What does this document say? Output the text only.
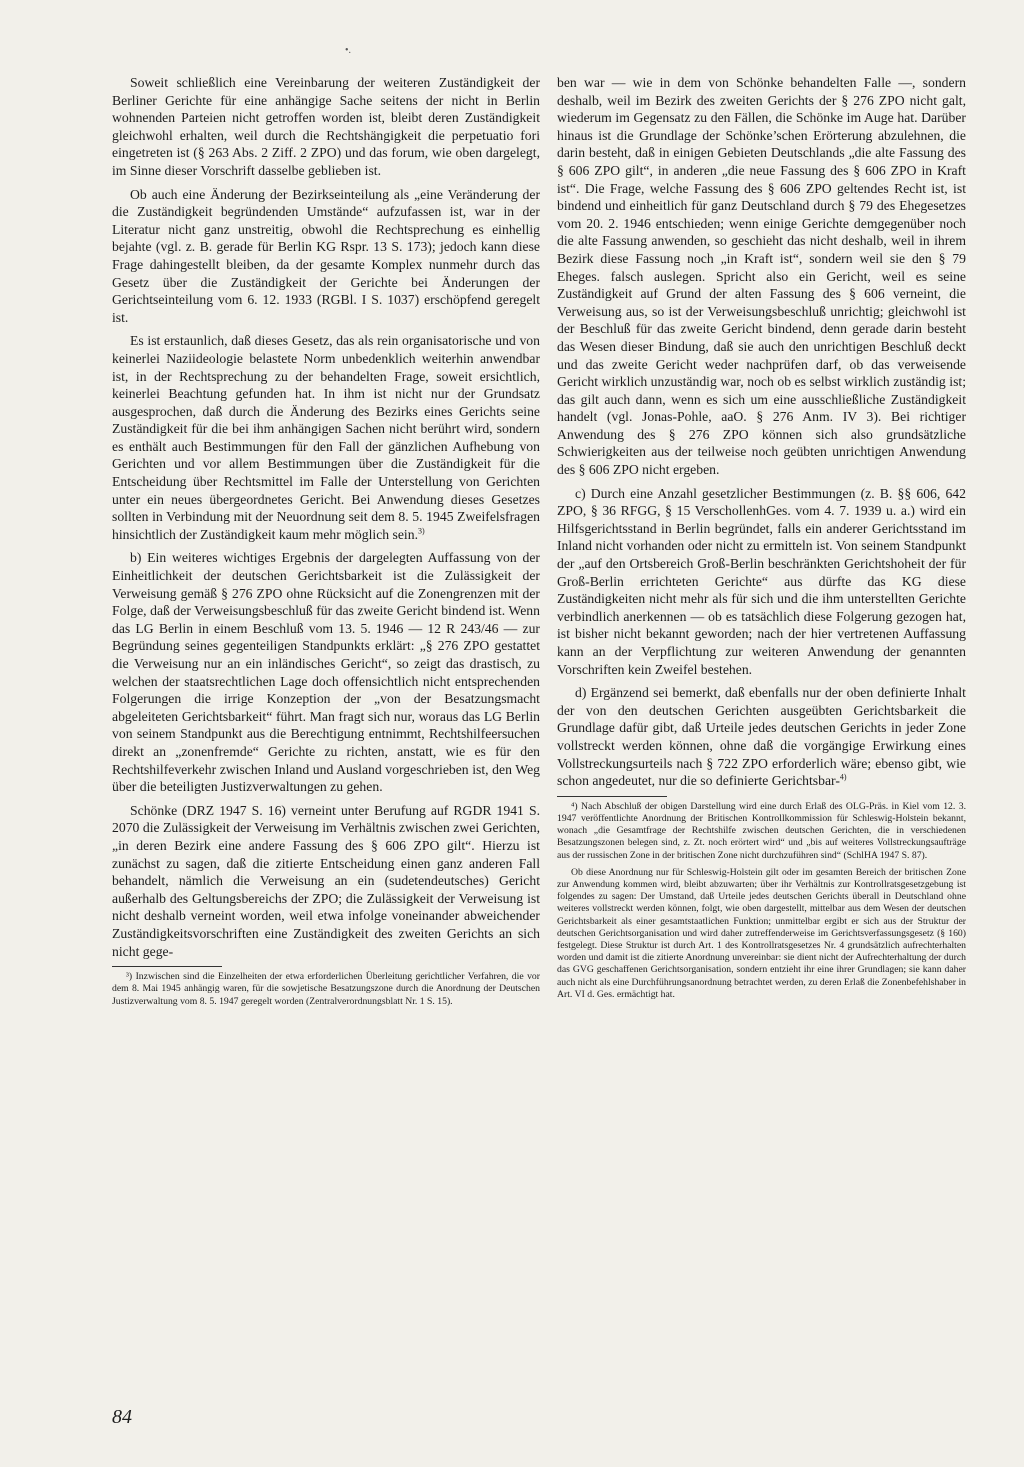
•.

Soweit schließlich eine Vereinbarung der weiteren Zuständigkeit der Berliner Gerichte für eine anhängige Sache seitens der nicht in Berlin wohnenden Parteien nicht getroffen worden ist, bleibt deren Zuständigkeit gleichwohl erhalten, weil durch die Rechtshängigkeit die perpetuatio fori eingetreten ist (§ 263 Abs. 2 Ziff. 2 ZPO) und das forum, wie oben dargelegt, im Sinne dieser Vorschrift dasselbe geblieben ist.

Ob auch eine Änderung der Bezirkseinteilung als „eine Veränderung der die Zuständigkeit begründenden Umstände“ aufzufassen ist, war in der Literatur nicht ganz unstreitig, obwohl die Rechtsprechung es einhellig bejahte (vgl. z. B. gerade für Berlin KG Rspr. 13 S. 173); jedoch kann diese Frage dahingestellt bleiben, da der gesamte Komplex nunmehr durch das Gesetz über die Zuständigkeit der Gerichte bei Änderungen der Gerichtseinteilung vom 6. 12. 1933 (RGBl. I S. 1037) erschöpfend geregelt ist.

Es ist erstaunlich, daß dieses Gesetz, das als rein organisatorische und von keinerlei Naziideologie belastete Norm unbedenklich weiterhin anwendbar ist, in der Rechtsprechung zu der behandelten Frage, soweit ersichtlich, keinerlei Beachtung gefunden hat. In ihm ist nicht nur der Grundsatz ausgesprochen, daß durch die Änderung des Bezirks eines Gerichts seine Zuständigkeit für die bei ihm anhängigen Sachen nicht berührt wird, sondern es enthält auch Bestimmungen für den Fall der gänzlichen Aufhebung von Gerichten und vor allem Bestimmungen über die Zuständigkeit für die Entscheidung über Rechtsmittel im Falle der Unterstellung von Gerichten unter ein neues übergeordnetes Gericht. Bei Anwendung dieses Gesetzes sollten in Verbindung mit der Neuordnung seit dem 8. 5. 1945 Zweifelsfragen hinsichtlich der Zuständigkeit kaum mehr möglich sein.$^{3)}$

b) Ein weiteres wichtiges Ergebnis der dargelegten Auffassung von der Einheitlichkeit der deutschen Gerichtsbarkeit ist die Zulässigkeit der Verweisung gemäß § 276 ZPO ohne Rücksicht auf die Zonengrenzen mit der Folge, daß der Verweisungsbeschluß für das zweite Gericht bindend ist. Wenn das LG Berlin in einem Beschluß vom 13. 5. 1946 — 12 R 243/46 — zur Begründung seines gegenteiligen Standpunkts erklärt: „§ 276 ZPO gestattet die Verweisung nur an ein inländisches Gericht“, so zeigt das drastisch, zu welchen der staatsrechtlichen Lage doch offensichtlich nicht entsprechenden Folgerungen die irrige Konzeption der „von der Besatzungsmacht abgeleiteten Gerichtsbarkeit“ führt. Man fragt sich nur, woraus das LG Berlin von seinem Standpunkt aus die Berechtigung entnimmt, Rechtshilfeersuchen direkt an „zonenfremde“ Gerichte zu richten, anstatt, wie es für den Rechtshilfeverkehr zwischen Inland und Ausland vorgeschrieben ist, den Weg über die beteiligten Justizverwaltungen zu gehen.

Schönke (DRZ 1947 S. 16) verneint unter Berufung auf RGDR 1941 S. 2070 die Zulässigkeit der Verweisung im Verhältnis zwischen zwei Gerichten, „in deren Bezirk eine andere Fassung des § 606 ZPO gilt“. Hierzu ist zunächst zu sagen, daß die zitierte Entscheidung einen ganz anderen Fall behandelt, nämlich die Verweisung an ein (sudetendeutsches) Gericht außerhalb des Geltungsbereichs der ZPO; die Zulässigkeit der Verweisung ist nicht deshalb verneint worden, weil etwa infolge voneinander abweichender Zuständigkeitsvorschriften eine Zuständigkeit des zweiten Gerichts an sich nicht gege-

³) Inzwischen sind die Einzelheiten der etwa erforderlichen Überleitung gerichtlicher Verfahren, die vor dem 8. Mai 1945 anhängig waren, für die sowjetische Besatzungszone durch die Anordnung der Deutschen Justizverwaltung vom 8. 5. 1947 geregelt worden (Zentralverordnungsblatt Nr. 1 S. 15).

ben war — wie in dem von Schönke behandelten Falle —, sondern deshalb, weil im Bezirk des zweiten Gerichts der § 276 ZPO nicht galt, wiederum im Gegensatz zu den Fällen, die Schönke im Auge hat. Darüber hinaus ist die Grundlage der Schönke’schen Erörterung abzulehnen, die darin besteht, daß in einigen Gebieten Deutschlands „die alte Fassung des § 606 ZPO gilt“, in anderen „die neue Fassung des § 606 ZPO in Kraft ist“. Die Frage, welche Fassung des § 606 ZPO geltendes Recht ist, ist bindend und einheitlich für ganz Deutschland durch § 79 des Ehegesetzes vom 20. 2. 1946 entschieden; wenn einige Gerichte demgegenüber noch die alte Fassung anwenden, so geschieht das nicht deshalb, weil in ihrem Bezirk diese Fassung noch „in Kraft ist“, sondern weil sie den § 79 Eheges. falsch auslegen. Spricht also ein Gericht, weil es seine Zuständigkeit auf Grund der alten Fassung des § 606 verneint, die Verweisung aus, so ist der Verweisungsbeschluß unrichtig; gleichwohl ist der Beschluß für das zweite Gericht bindend, denn gerade darin besteht das Wesen dieser Bindung, daß sie auch den unrichtigen Beschluß deckt und das zweite Gericht weder nachprüfen darf, ob das verweisende Gericht wirklich unzuständig war, noch ob es selbst wirklich zuständig ist; das gilt auch dann, wenn es sich um eine ausschließliche Zuständigkeit handelt (vgl. Jonas-Pohle, aaO. § 276 Anm. IV 3). Bei richtiger Anwendung des § 276 ZPO können sich also grundsätzliche Schwierigkeiten aus der teilweise noch geübten unrichtigen Anwendung des § 606 ZPO nicht ergeben.

c) Durch eine Anzahl gesetzlicher Bestimmungen (z. B. §§ 606, 642 ZPO, § 36 RFGG, § 15 VerschollenhGes. vom 4. 7. 1939 u. a.) wird ein Hilfsgerichtsstand in Berlin begründet, falls ein anderer Gerichtsstand im Inland nicht vorhanden oder nicht zu ermitteln ist. Von seinem Standpunkt der „auf den Ortsbereich Groß-Berlin beschränkten Gerichtshoheit der für Groß-Berlin errichteten Gerichte“ aus dürfte das KG diese Zuständigkeiten nicht mehr als für sich und die ihm unterstellten Gerichte verbindlich anerkennen — ob es tatsächlich diese Folgerung gezogen hat, ist bisher nicht bekannt geworden; nach der hier vertretenen Auffassung kann an der Verpflichtung zur weiteren Anwendung der genannten Vorschriften kein Zweifel bestehen.

d) Ergänzend sei bemerkt, daß ebenfalls nur der oben definierte Inhalt der von den deutschen Gerichten ausgeübten Gerichtsbarkeit die Grundlage dafür gibt, daß Urteile jedes deutschen Gerichts in jeder Zone vollstreckt werden können, ohne daß die vorgängige Erwirkung eines Vollstreckungsurteils nach § 722 ZPO erforderlich wäre; ebenso gibt, wie schon angedeutet, nur die so definierte Gerichtsbar-$^{4)}$

⁴) Nach Abschluß der obigen Darstellung wird eine durch Erlaß des OLG-Präs. in Kiel vom 12. 3. 1947 veröffentlichte Anordnung der Britischen Kontrollkommission für Schleswig-Holstein bekannt, wonach „die Gesamtfrage der Rechtshilfe zwischen deutschen Gerichten, die in verschiedenen Besatzungszonen belegen sind, z. Zt. noch erörtert wird“ und „bis auf weiteres Vollstreckungsaufträge aus der russischen Zone in der britischen Zone nicht durchzuführen sind“ (SchlHA 1947 S. 87).

Ob diese Anordnung nur für Schleswig-Holstein gilt oder im gesamten Bereich der britischen Zone zur Anwendung kommen wird, bleibt abzuwarten; über ihr Verhältnis zur Kontrollratsgesetzgebung ist folgendes zu sagen: Der Umstand, daß Urteile jedes deutschen Gerichts überall in Deutschland ohne weiteres vollstreckt werden können, folgt, wie oben dargestellt, mittelbar aus dem Wesen der deutschen Gerichtsbarkeit als einer gesamtstaatlichen Funktion; unmittelbar ergibt er sich aus der Struktur der deutschen Gerichtsorganisation und wird daher zutreffenderweise im Gerichtsverfassungsgesetz (§ 160) festgelegt. Diese Struktur ist durch Art. 1 des Kontrollratsgesetzes Nr. 4 grundsätzlich aufrechterhalten worden und damit ist die zitierte Anordnung unvereinbar: sie dient nicht der Aufrechterhaltung der durch das GVG geschaffenen Gerichtsorganisation, sondern entzieht ihr eine ihrer Grundlagen; sie kann daher auch nicht als eine Durchführungsanordnung betrachtet werden, zu deren Erlaß die Zonenbefehlshaber in Art. VI d. Ges. ermächtigt hat.

84
